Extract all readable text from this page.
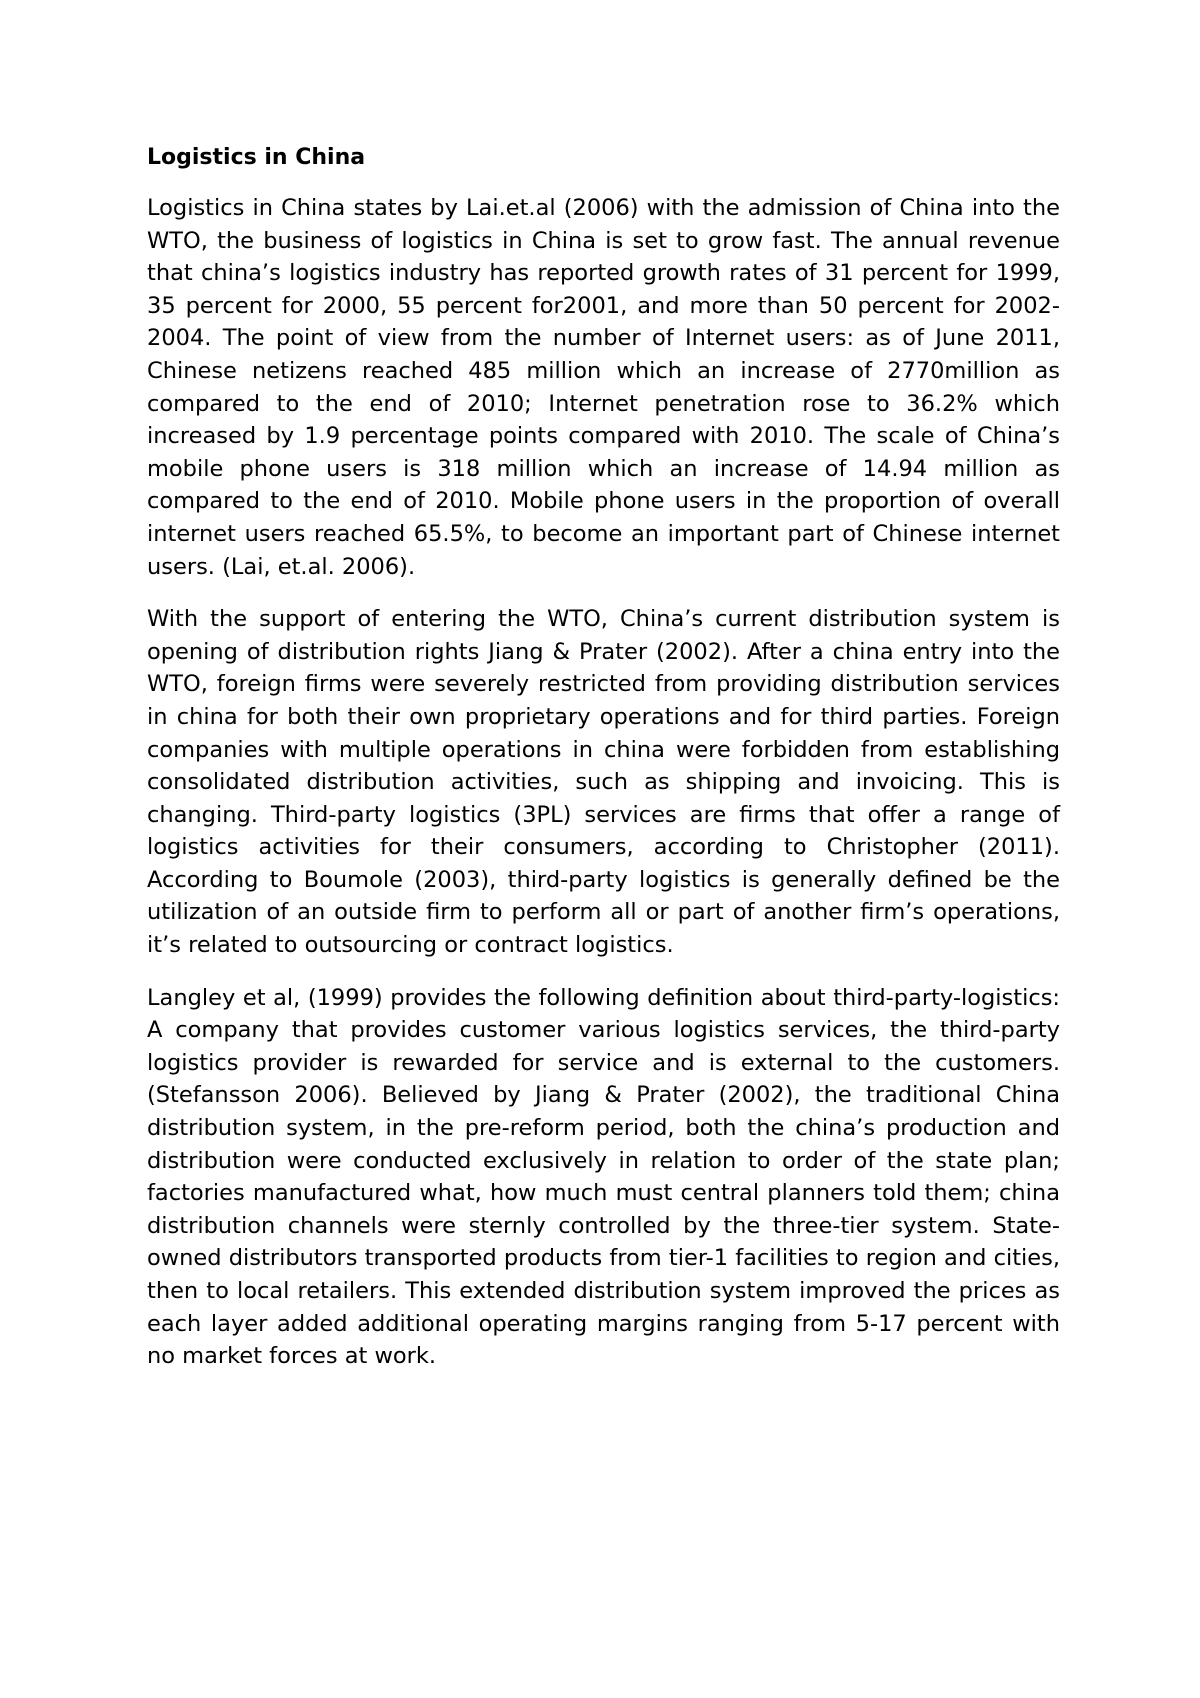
Logistics in China

Logistics in China states by Lai.et.al (2006) with the admission of China into the WTO, the business of logistics in China is set to grow fast. The annual revenue that china’s logistics industry has reported growth rates of 31 percent for 1999, 35 percent for 2000, 55 percent for2001, and more than 50 percent for 2002-2004. The point of view from the number of Internet users: as of June 2011, Chinese netizens reached 485 million which an increase of 2770million as compared to the end of 2010; Internet penetration rose to 36.2% which increased by 1.9 percentage points compared with 2010. The scale of China’s mobile phone users is 318 million which an increase of 14.94 million as compared to the end of 2010. Mobile phone users in the proportion of overall internet users reached 65.5%, to become an important part of Chinese internet users. (Lai, et.al. 2006).

With the support of entering the WTO, China’s current distribution system is opening of distribution rights Jiang & Prater (2002). After a china entry into the WTO, foreign firms were severely restricted from providing distribution services in china for both their own proprietary operations and for third parties. Foreign companies with multiple operations in china were forbidden from establishing consolidated distribution activities, such as shipping and invoicing. This is changing. Third-party logistics (3PL) services are firms that offer a range of logistics activities for their consumers, according to Christopher (2011). According to Boumole (2003), third-party logistics is generally defined be the utilization of an outside firm to perform all or part of another firm’s operations, it’s related to outsourcing or contract logistics.

Langley et al, (1999) provides the following definition about third-party-logistics: A company that provides customer various logistics services, the third-party logistics provider is rewarded for service and is external to the customers. (Stefansson 2006). Believed by Jiang & Prater (2002), the traditional China distribution system, in the pre-reform period, both the china’s production and distribution were conducted exclusively in relation to order of the state plan; factories manufactured what, how much must central planners told them; china distribution channels were sternly controlled by the three-tier system. State-owned distributors transported products from tier-1 facilities to region and cities, then to local retailers. This extended distribution system improved the prices as each layer added additional operating margins ranging from 5-17 percent with no market forces at work.
